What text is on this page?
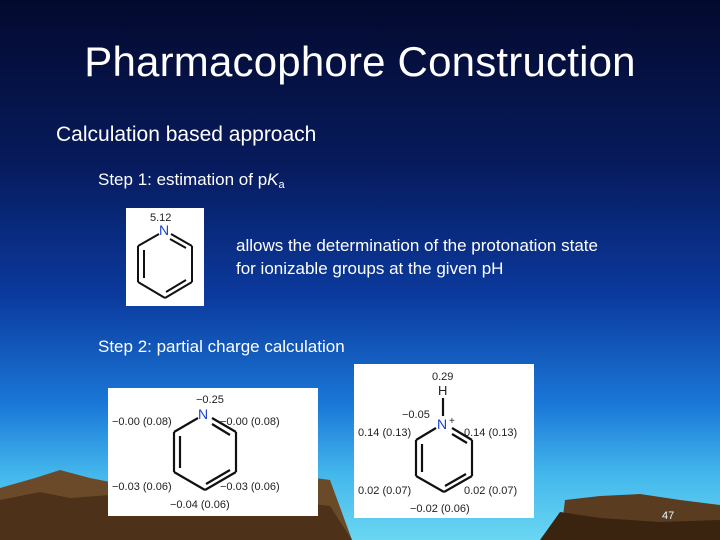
Pharmacophore Construction
Calculation based approach
Step 1: estimation of $pK_a$
5.12
N
allows the determination of the protonation state
for ionizable groups at the given pH
Step 2: partial charge calculation
−0.25
N
−0.00 (0.08)	−0.00 (0.08)
−0.03 (0.06)	−0.03 (0.06)
−0.04 (0.06)
0.29
H
−0.05
N +
0.14 (0.13)	0.14 (0.13)
0.02 (0.07)	0.02 (0.07)
−0.02 (0.06)
47
